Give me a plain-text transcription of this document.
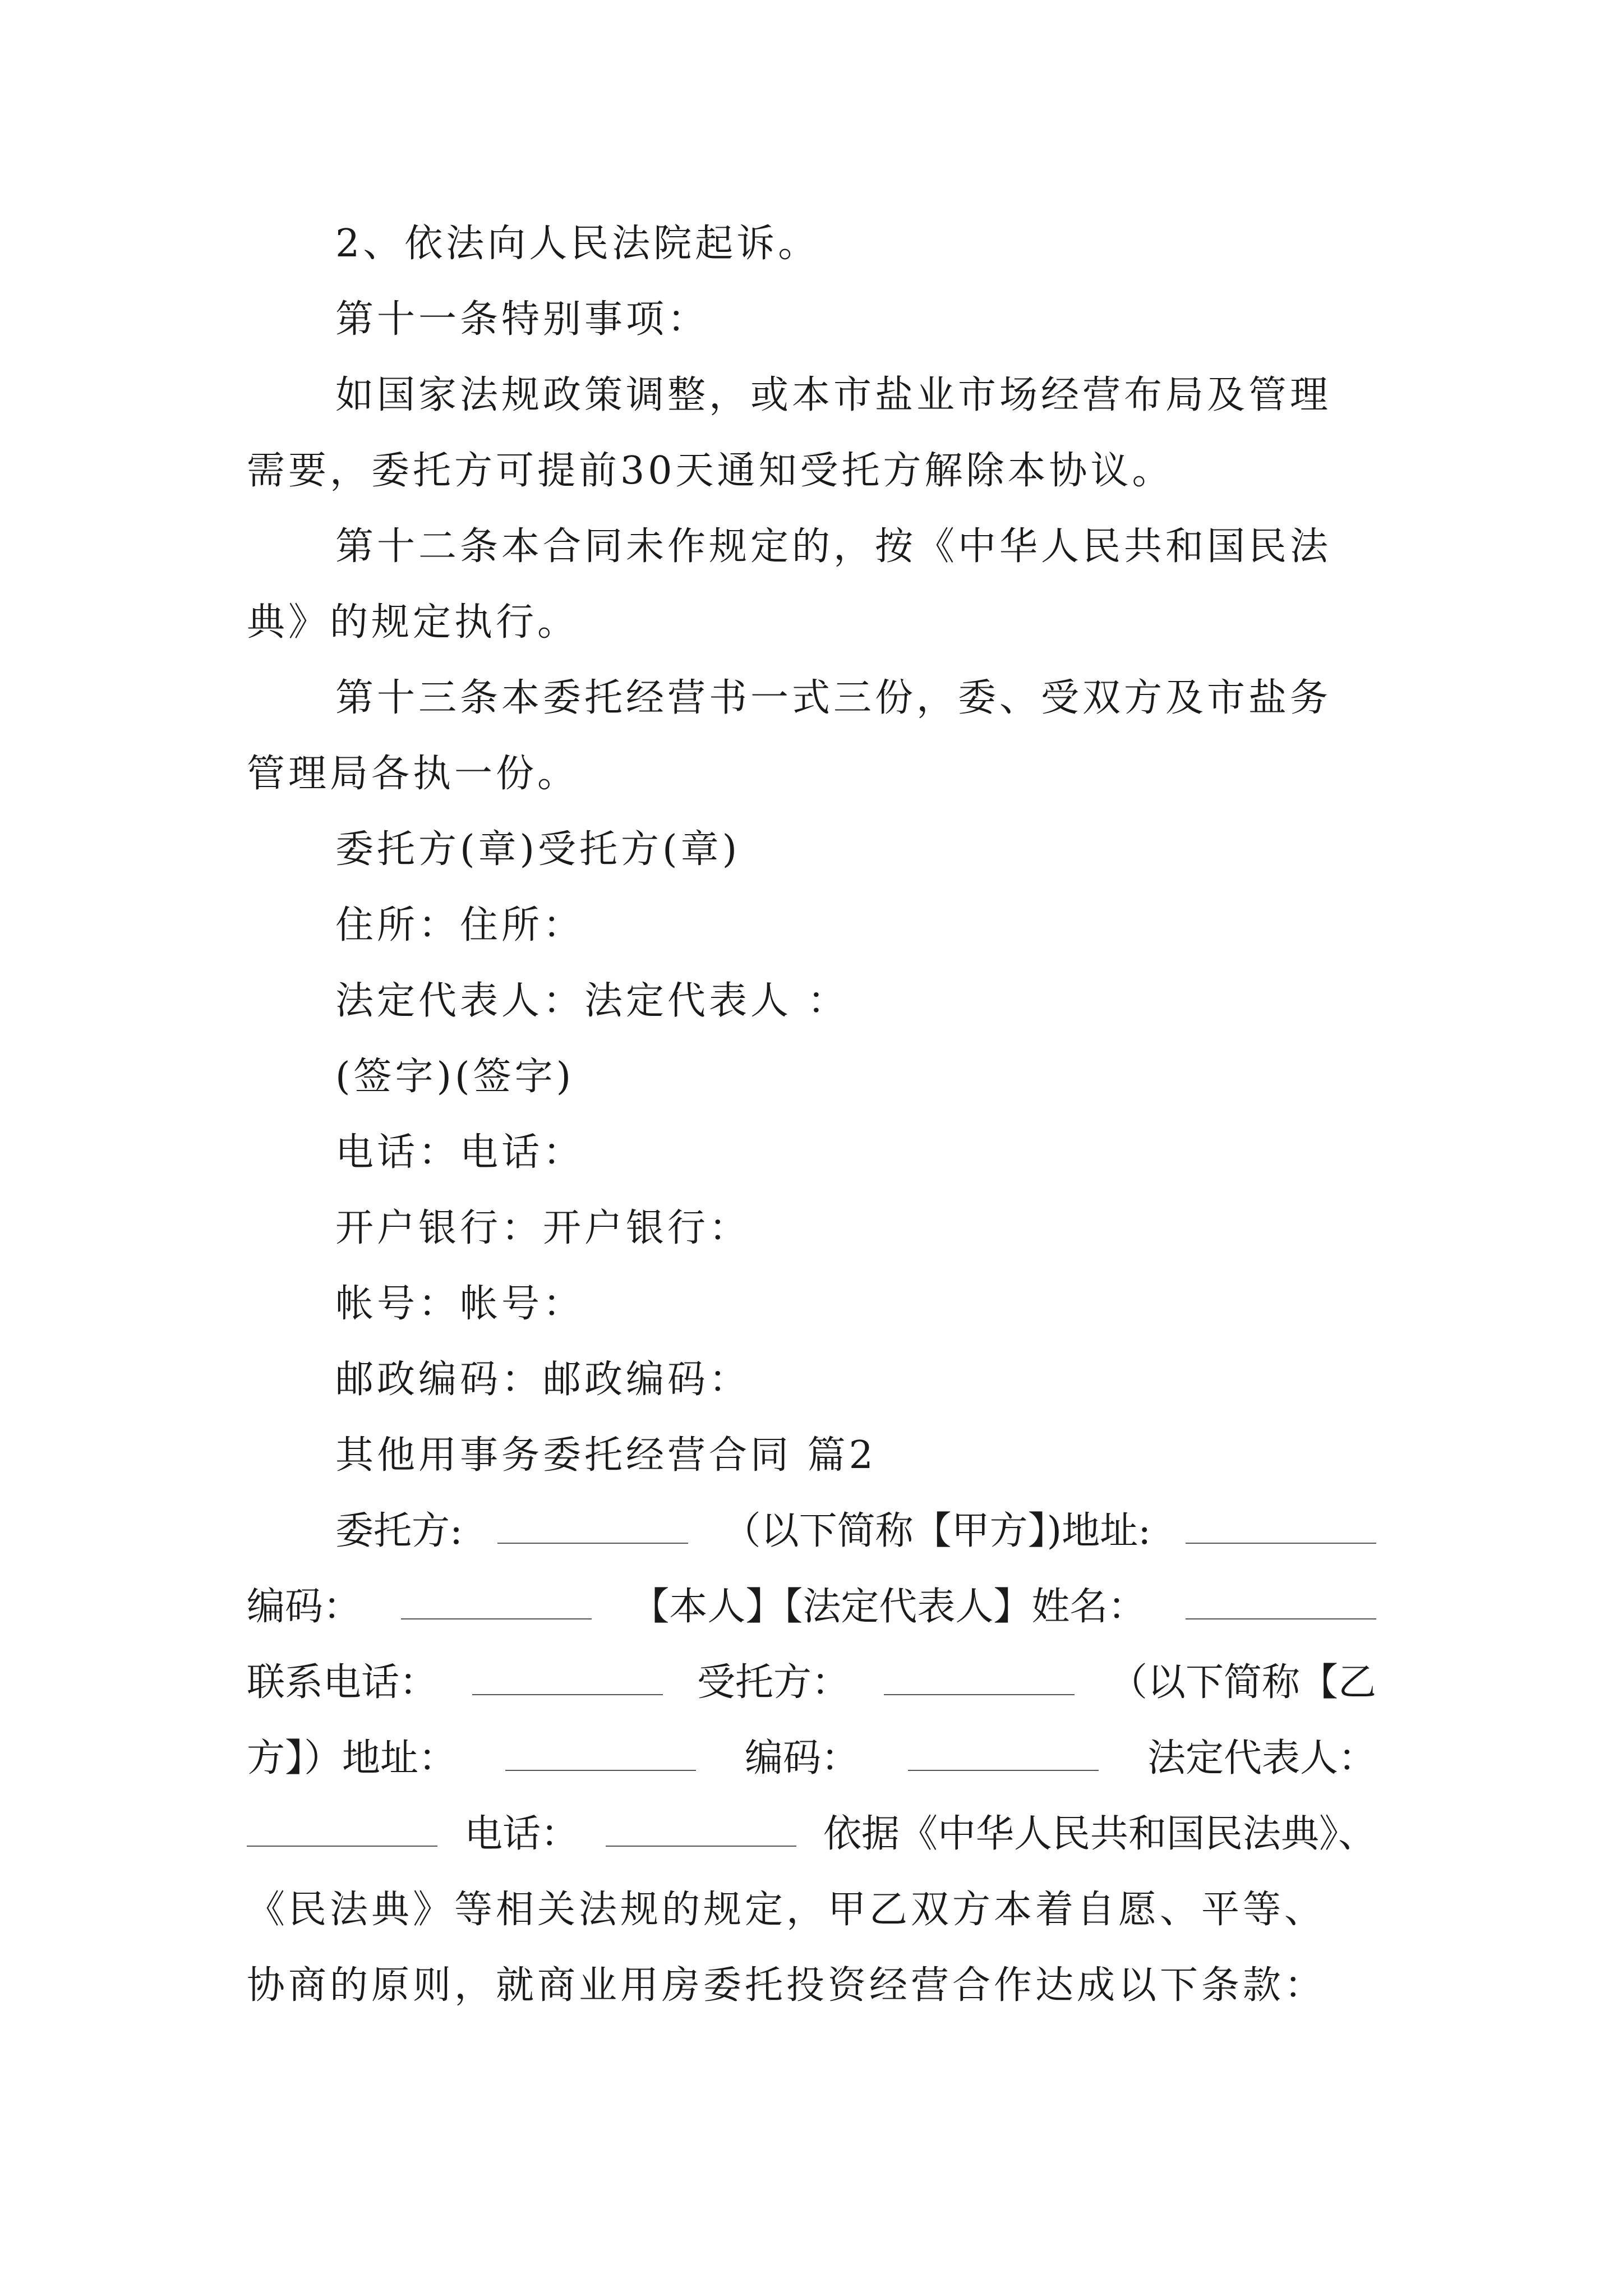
2、依法向人民法院起诉。
第十一条特别事项：
如国家法规政策调整，或本市盐业市场经营布局及管理
需要，委托方可提前30天通知受托方解除本协议。
第十二条本合同未作规定的，按《中华人民共和国民法
典》的规定执行。
第十三条本委托经营书一式三份，委、受双方及市盐务
管理局各执一份。
委托方(章)受托方(章)
住所：住所：
法定代表人：法定代表人 ：
(签字)(签字)
电话：电话：
开户银行：开户银行：
帐号：帐号：
邮政编码：邮政编码：
其他用事务委托经营合同 篇2
委托方:	（以下简称【甲方】)地址:
编码：	【本人】【法定代表人】姓名：
联系电话：	受托方：	（以下简称【乙
方】）地址：	编码：	法定代表人：
电话：	依据《中华人民共和国民法典》、
《民法典》等相关法规的规定，甲乙双方本着自愿、平等、
协商的原则，就商业用房委托投资经营合作达成以下条款：
